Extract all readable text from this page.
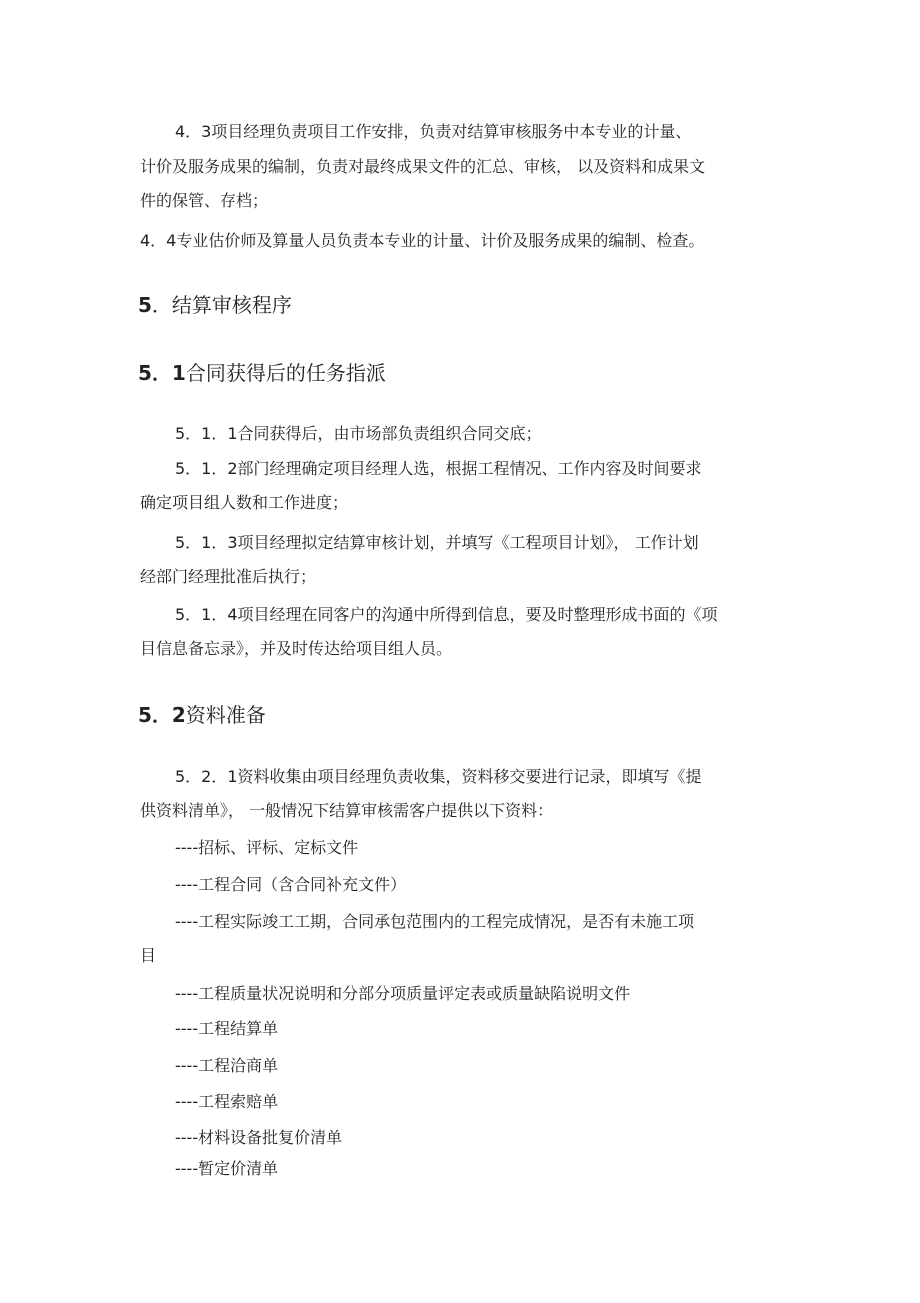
4．3项目经理负责项目工作安排，负责对结算审核服务中本专业的计量、
计价及服务成果的编制，负责对最终成果文件的汇总、审核， 以及资料和成果文
件的保管、存档；
4．4专业估价师及算量人员负责本专业的计量、计价及服务成果的编制、检查。
5．结算审核程序
5．1合同获得后的任务指派
5．1．1合同获得后，由市场部负责组织合同交底；
5．1．2部门经理确定项目经理人选，根据工程情况、工作内容及时间要求
确定项目组人数和工作进度；
5．1．3项目经理拟定结算审核计划，并填写《工程项目计划》， 工作计划
经部门经理批准后执行；
5．1．4项目经理在同客户的沟通中所得到信息，要及时整理形成书面的《项
目信息备忘录》，并及时传达给项目组人员。
5．2资料准备
5．2．1资料收集由项目经理负责收集，资料移交要进行记录，即填写《提
供资料清单》， 一般情况下结算审核需客户提供以下资料：
----招标、评标、定标文件
----工程合同（含合同补充文件）
----工程实际竣工工期，合同承包范围内的工程完成情况，是否有未施工项
目
----工程质量状况说明和分部分项质量评定表或质量缺陷说明文件
----工程结算单
----工程洽商单
----工程索赔单
----材料设备批复价清单
----暂定价清单
